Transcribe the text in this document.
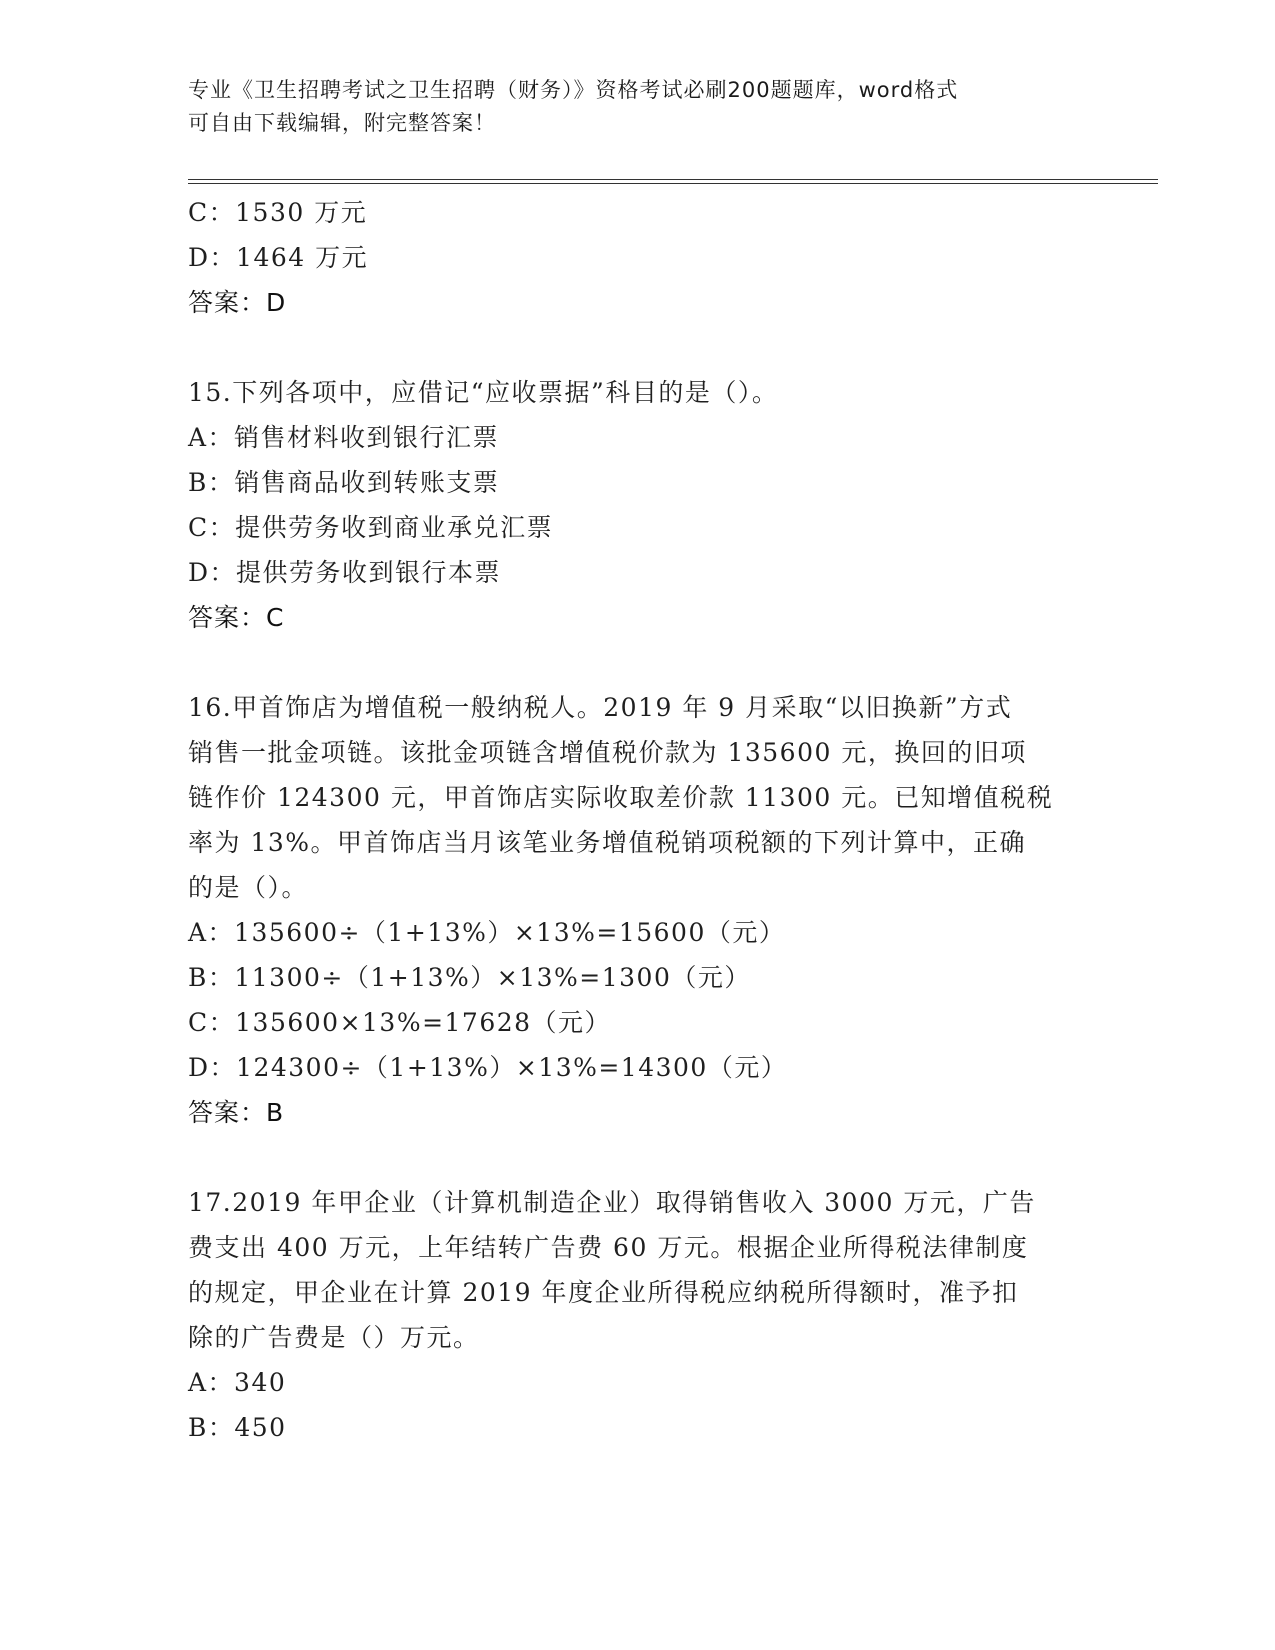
专业《卫生招聘考试之卫生招聘（财务）》资格考试必刷200题题库，word格式
可自由下载编辑，附完整答案！
C：1530 万元
D：1464 万元
答案：D
15.下列各项中，应借记“应收票据”科目的是（）。
A：销售材料收到银行汇票
B：销售商品收到转账支票
C：提供劳务收到商业承兑汇票
D：提供劳务收到银行本票
答案：C
16.甲首饰店为增值税一般纳税人。2019 年 9 月采取“以旧换新”方式
销售一批金项链。该批金项链含增值税价款为 135600 元，换回的旧项
链作价 124300 元，甲首饰店实际收取差价款 11300 元。已知增值税税
率为 13%。甲首饰店当月该笔业务增值税销项税额的下列计算中，正确
的是（）。
A：135600÷（1+13%）×13%=15600（元）
B：11300÷（1+13%）×13%=1300（元）
C：135600×13%=17628（元）
D：124300÷（1+13%）×13%=14300（元）
答案：B
17.2019 年甲企业（计算机制造企业）取得销售收入 3000 万元，广告
费支出 400 万元，上年结转广告费 60 万元。根据企业所得税法律制度
的规定，甲企业在计算 2019 年度企业所得税应纳税所得额时，准予扣
除的广告费是（）万元。
A：340
B：450
